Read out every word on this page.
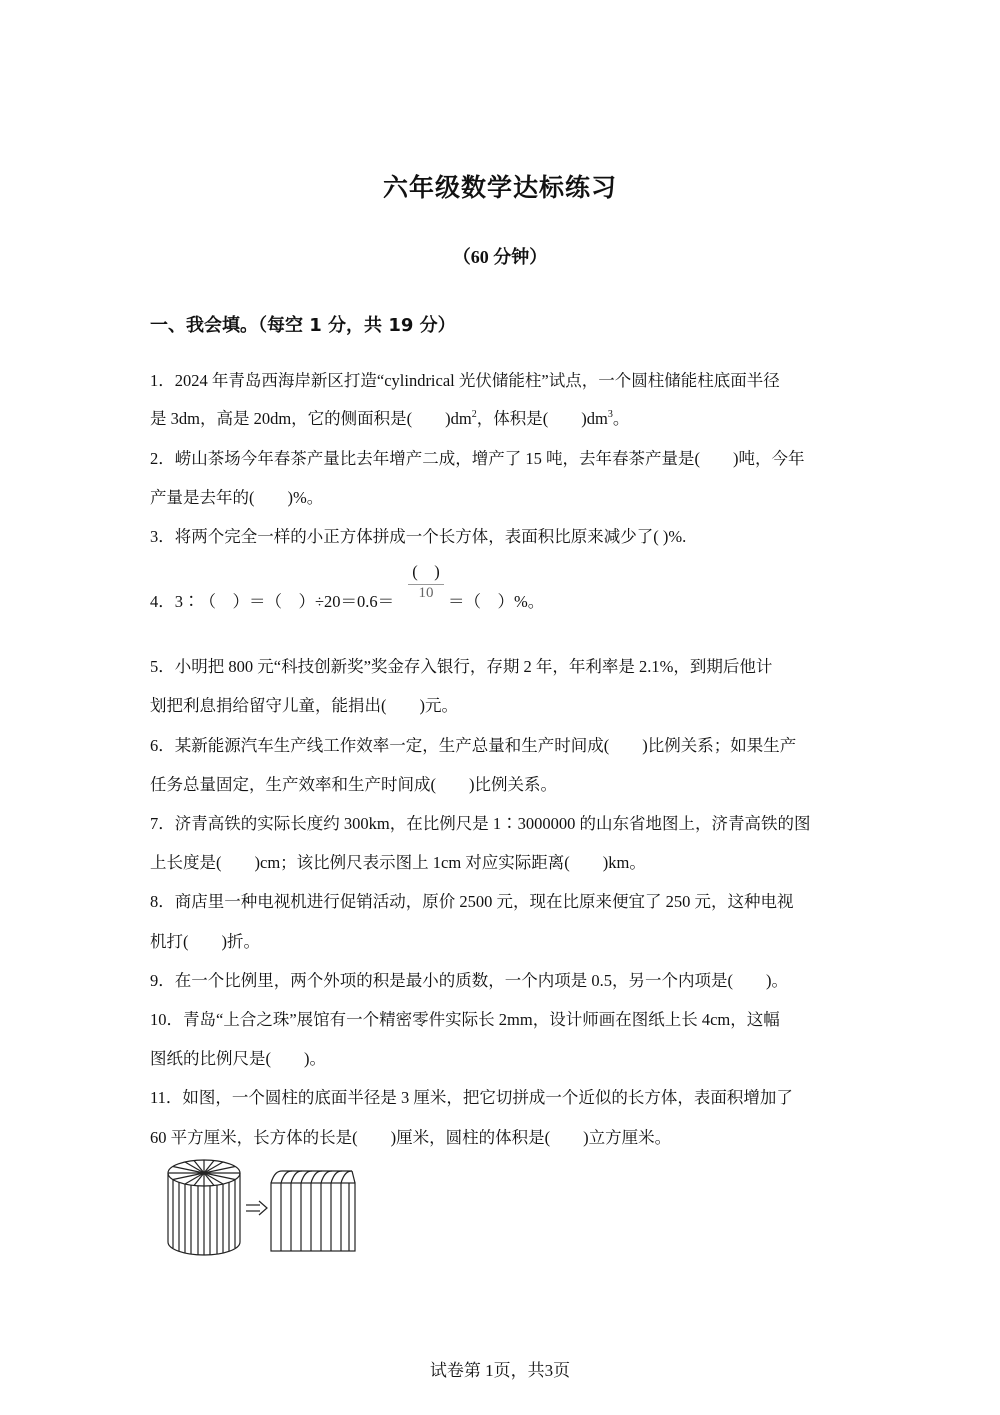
六年级数学达标练习
（60 分钟）
一、我会填。（每空 1 分，共 19 分）
1．2024 年青岛西海岸新区打造“cylindrical 光伏储能柱”试点，一个圆柱储能柱底面半径
是 3dm，高是 20dm，它的侧面积是(　　)$dm^2$，体积是(　　)$dm^3$。
2．崂山茶场今年春茶产量比去年增产二成，增产了 15 吨，去年春茶产量是(　　)吨，今年
产量是去年的(　　)%。
3．将两个完全一样的小正方体拼成一个长方体，表面积比原来减少了( )%.
4．3∶（　）＝（　）÷20＝0.6＝
(　)
10 ＝（　）%。
5．小明把 800 元“科技创新奖”奖金存入银行，存期 2 年，年利率是 2.1%，到期后他计
划把利息捐给留守儿童，能捐出(　　)元。
6．某新能源汽车生产线工作效率一定，生产总量和生产时间成(　　)比例关系；如果生产
任务总量固定，生产效率和生产时间成(　　)比例关系。
7．济青高铁的实际长度约 300km，在比例尺是 1∶3000000 的山东省地图上，济青高铁的图
上长度是(　　)cm；该比例尺表示图上 1cm 对应实际距离(　　)km。
8．商店里一种电视机进行促销活动，原价 2500 元，现在比原来便宜了 250 元，这种电视
机打(　　)折。
9．在一个比例里，两个外项的积是最小的质数，一个内项是 0.5，另一个内项是(　　)。
10．青岛“上合之珠”展馆有一个精密零件实际长 2mm，设计师画在图纸上长 4cm，这幅
图纸的比例尺是(　　)。
11．如图，一个圆柱的底面半径是 3 厘米，把它切拼成一个近似的长方体，表面积增加了
60 平方厘米，长方体的长是(　　)厘米，圆柱的体积是(　　)立方厘米。
试卷第 1页，共3页
